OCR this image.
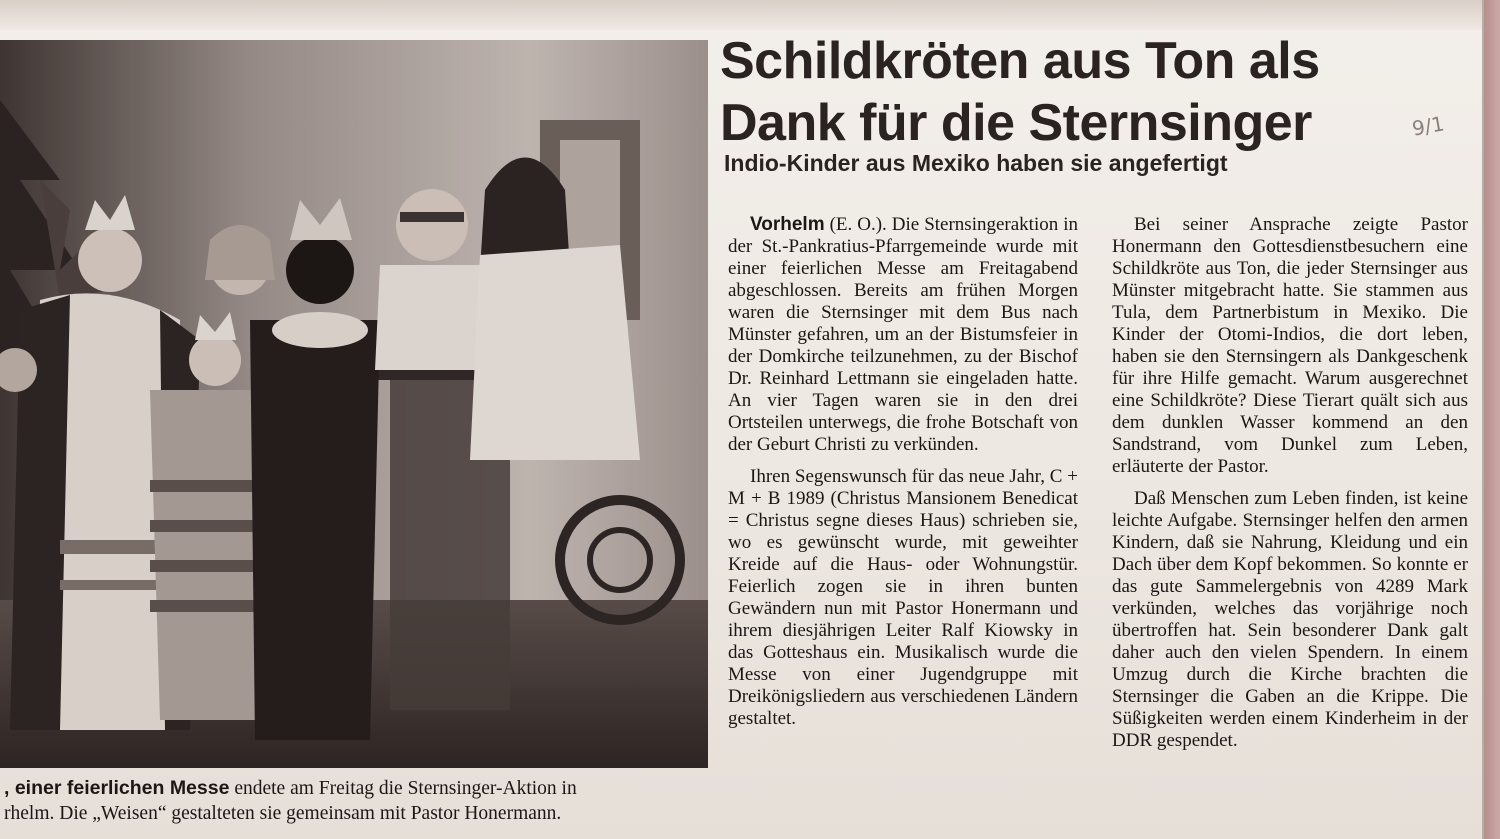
, einer feierlichen Messe endete am Freitag die Sternsinger-Aktion in
rhelm. Die „Weisen“ gestalteten sie gemeinsam mit Pastor Honermann.
Schildkröten aus Ton als
Dank für die Sternsinger	9/1
Indio-Kinder aus Mexiko haben sie angefertigt

Vorhelm (E. O.). Die Sternsingeraktion in der St.-Pankratius-Pfarrgemeinde wurde mit einer feierlichen Messe am Freitagabend abgeschlossen. Bereits am frühen Morgen waren die Sternsinger mit dem Bus nach Münster gefahren, um an der Bistumsfeier in der Domkirche teilzunehmen, zu der Bischof Dr. Reinhard Lettmann sie eingeladen hatte. An vier Tagen waren sie in den drei Ortsteilen unterwegs, die frohe Botschaft von der Geburt Christi zu verkünden.

Ihren Segenswunsch für das neue Jahr, C + M + B 1989 (Christus Mansionem Benedicat = Christus segne dieses Haus) schrieben sie, wo es gewünscht wurde, mit geweihter Kreide auf die Haus- oder Wohnungstür. Feierlich zogen sie in ihren bunten Gewändern nun mit Pastor Honermann und ihrem diesjährigen Leiter Ralf Kiowsky in das Gotteshaus ein. Musikalisch wurde die Messe von einer Jugendgruppe mit Dreikönigsliedern aus verschiedenen Ländern gestaltet.

Bei seiner Ansprache zeigte Pastor Honermann den Gottesdienstbesuchern eine Schildkröte aus Ton, die jeder Sternsinger aus Münster mitgebracht hatte. Sie stammen aus Tula, dem Partnerbistum in Mexiko. Die Kinder der Otomi-Indios, die dort leben, haben sie den Sternsingern als Dankgeschenk für ihre Hilfe gemacht. Warum ausgerechnet eine Schildkröte? Diese Tierart quält sich aus dem dunklen Wasser kommend an den Sandstrand, vom Dunkel zum Leben, erläuterte der Pastor.

Daß Menschen zum Leben finden, ist keine leichte Aufgabe. Sternsinger helfen den armen Kindern, daß sie Nahrung, Kleidung und ein Dach über dem Kopf bekommen. So konnte er das gute Sammelergebnis von 4289 Mark verkünden, welches das vorjährige noch übertroffen hat. Sein besonderer Dank galt daher auch den vielen Spendern. In einem Umzug durch die Kirche brachten die Sternsinger die Gaben an die Krippe. Die Süßigkeiten werden einem Kinderheim in der DDR gespendet.
